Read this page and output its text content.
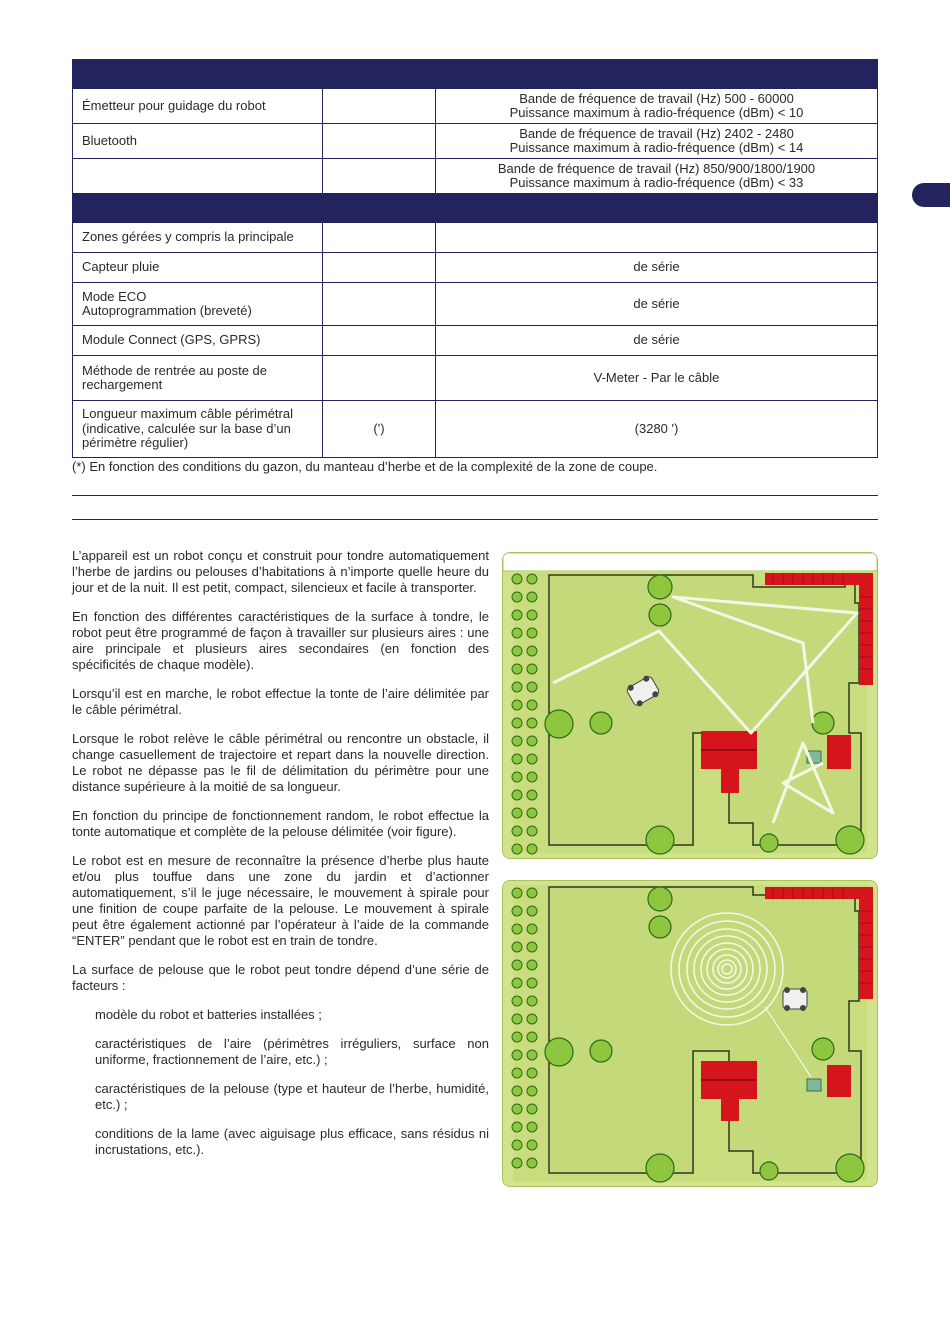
Émetteur pour guidage du robot		Bande de fréquence de travail (Hz) 500 - 60000
Puissance maximum à radio-fréquence (dBm) < 10

Bluetooth		Bande de fréquence de travail (Hz) 2402 - 2480
Puissance maximum à radio-fréquence (dBm) < 14

		Bande de fréquence de travail (Hz) 850/900/1800/1900
Puissance maximum à radio-fréquence (dBm) < 33

Zones gérées y compris la principale		

Capteur pluie		de série

Mode ECO
Autoprogrammation (breveté)		de série

Module Connect (GPS, GPRS)		de série

Méthode de rentrée au poste de
rechargement		V-Meter - Par le câble

Longueur maximum câble périmétral
(indicative, calculée sur la base d’un
périmètre régulier)	(')	(3280 ')
(*) En fonction des conditions du gazon, du manteau d’herbe et de la complexité de la zone de coupe.

L’appareil est un robot conçu et construit pour tondre automatiquement l’herbe de jardins ou pelouses d’habitations à n’importe quelle heure du jour et de la nuit. Il est petit, compact, silencieux et facile à transporter.

En fonction des différentes caractéristiques de la surface à tondre, le robot peut être programmé de façon à travailler sur plusieurs aires : une aire principale et plusieurs aires secondaires (en fonction des spécificités de chaque modèle).

Lorsqu’il est en marche, le robot effectue la tonte de l’aire délimitée par le câble périmétral.

Lorsque le robot relève le câble périmétral ou rencontre un obstacle, il change casuellement de trajectoire et repart dans la nouvelle direction. Le robot ne dépasse pas le fil de délimitation du périmètre pour une distance supérieure à la moitié de sa longueur.

En fonction du principe de fonctionnement random, le robot effectue la tonte automatique et complète de la pelouse délimitée (voir figure).

Le robot est en mesure de reconnaître la présence d’herbe plus haute et/ou plus touffue dans une zone du jardin et d’actionner automatiquement, s’il le juge nécessaire, le mouvement à spirale pour une finition de coupe parfaite de la pelouse. Le mouvement à spirale peut être également actionné par l’opérateur à l’aide de la commande “ENTER” pendant que le robot est en train de tondre.

La surface de pelouse que le robot peut tondre dépend d’une série de facteurs :

modèle du robot et batteries installées ;

caractéristiques de l’aire (périmètres irréguliers, surface non uniforme, fractionnement de l’aire, etc.) ;

caractéristiques de la pelouse (type et hauteur de l’herbe, humidité, etc.) ;

conditions de la lame (avec aiguisage plus efficace, sans résidus ni incrustations, etc.).
